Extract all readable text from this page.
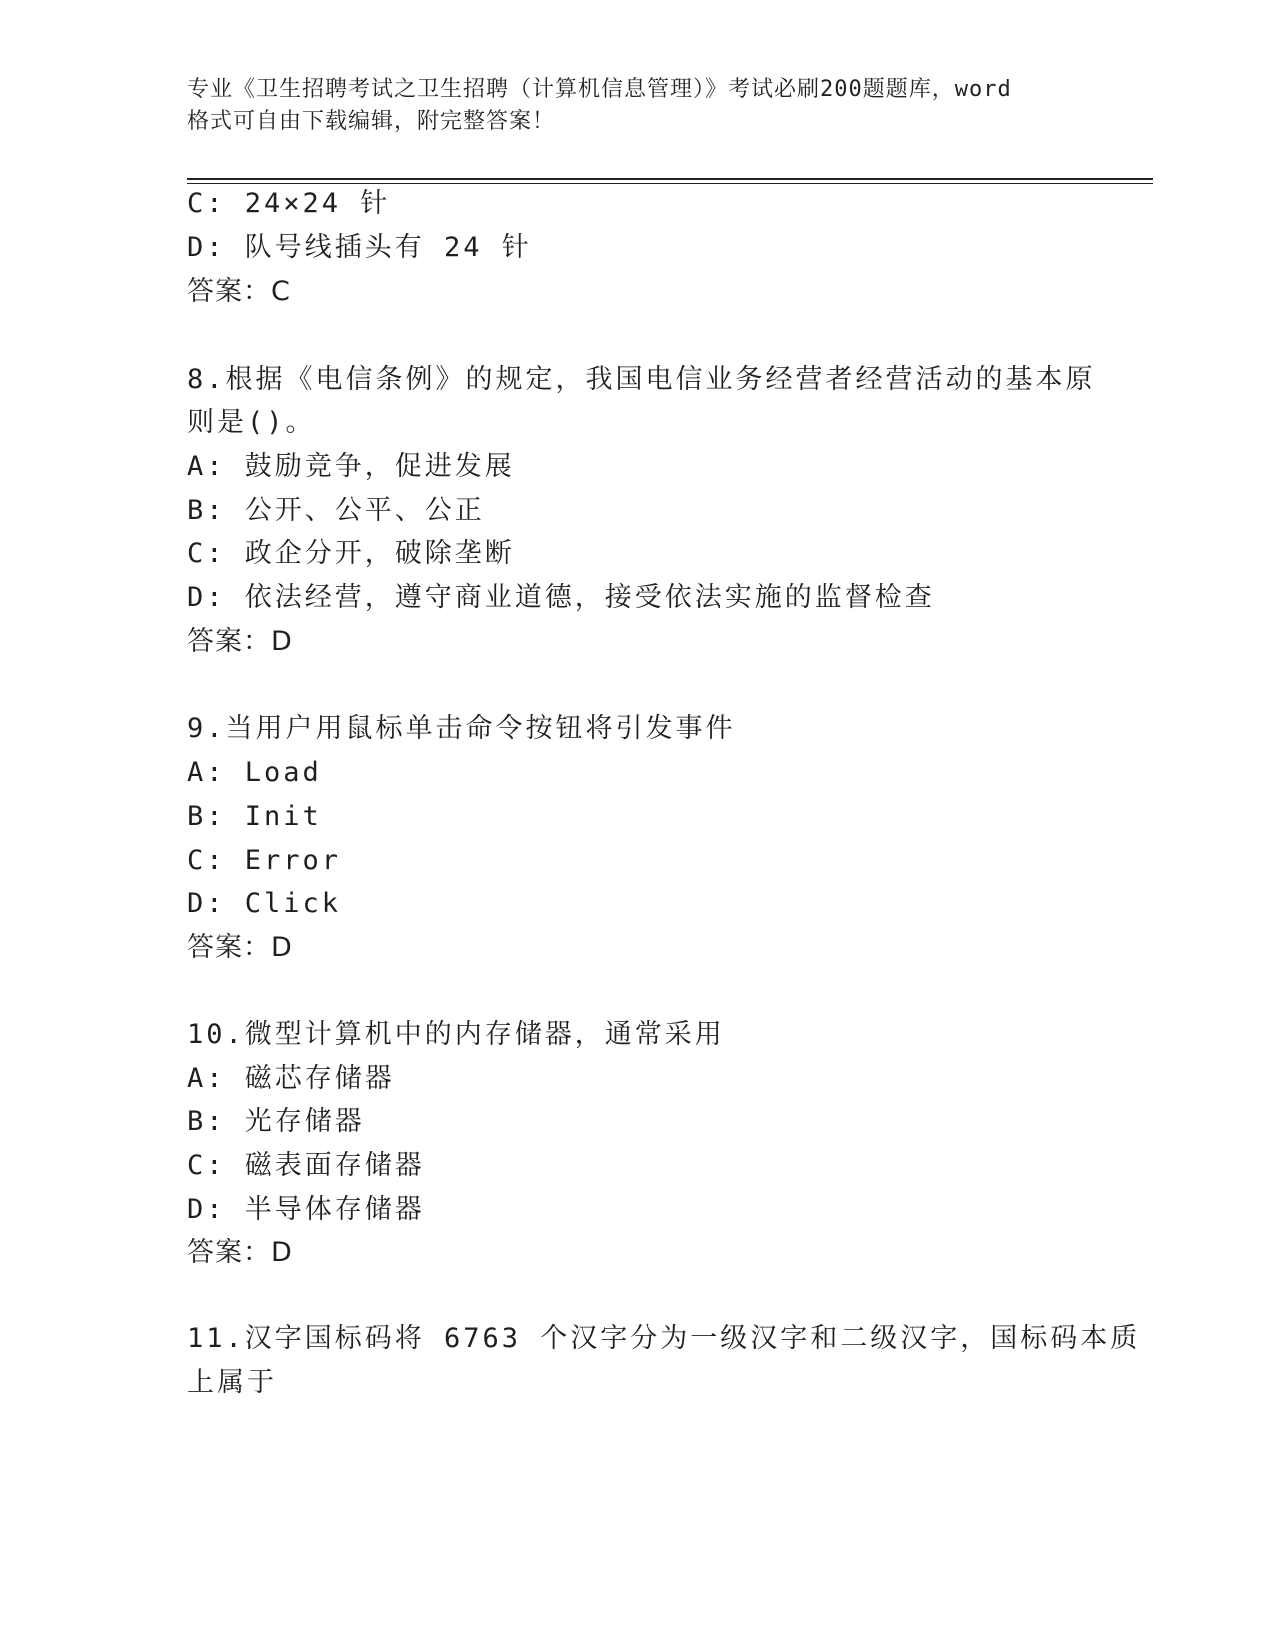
专业《卫生招聘考试之卫生招聘（计算机信息管理）》考试必刷200题题库，word
格式可自由下载编辑，附完整答案！
C: 24×24 针
D: 队号线插头有 24 针
答案：C
8.根据《电信条例》的规定，我国电信业务经营者经营活动的基本原
则是()。
A: 鼓励竞争，促进发展
B: 公开、公平、公正
C: 政企分开，破除垄断
D: 依法经营，遵守商业道德，接受依法实施的监督检查
答案：D
9.当用户用鼠标单击命令按钮将引发事件
A: Load
B: Init
C: Error
D: Click
答案：D
10.微型计算机中的内存储器，通常采用
A: 磁芯存储器
B: 光存储器
C: 磁表面存储器
D: 半导体存储器
答案：D
11.汉字国标码将 6763 个汉字分为一级汉字和二级汉字，国标码本质
上属于
